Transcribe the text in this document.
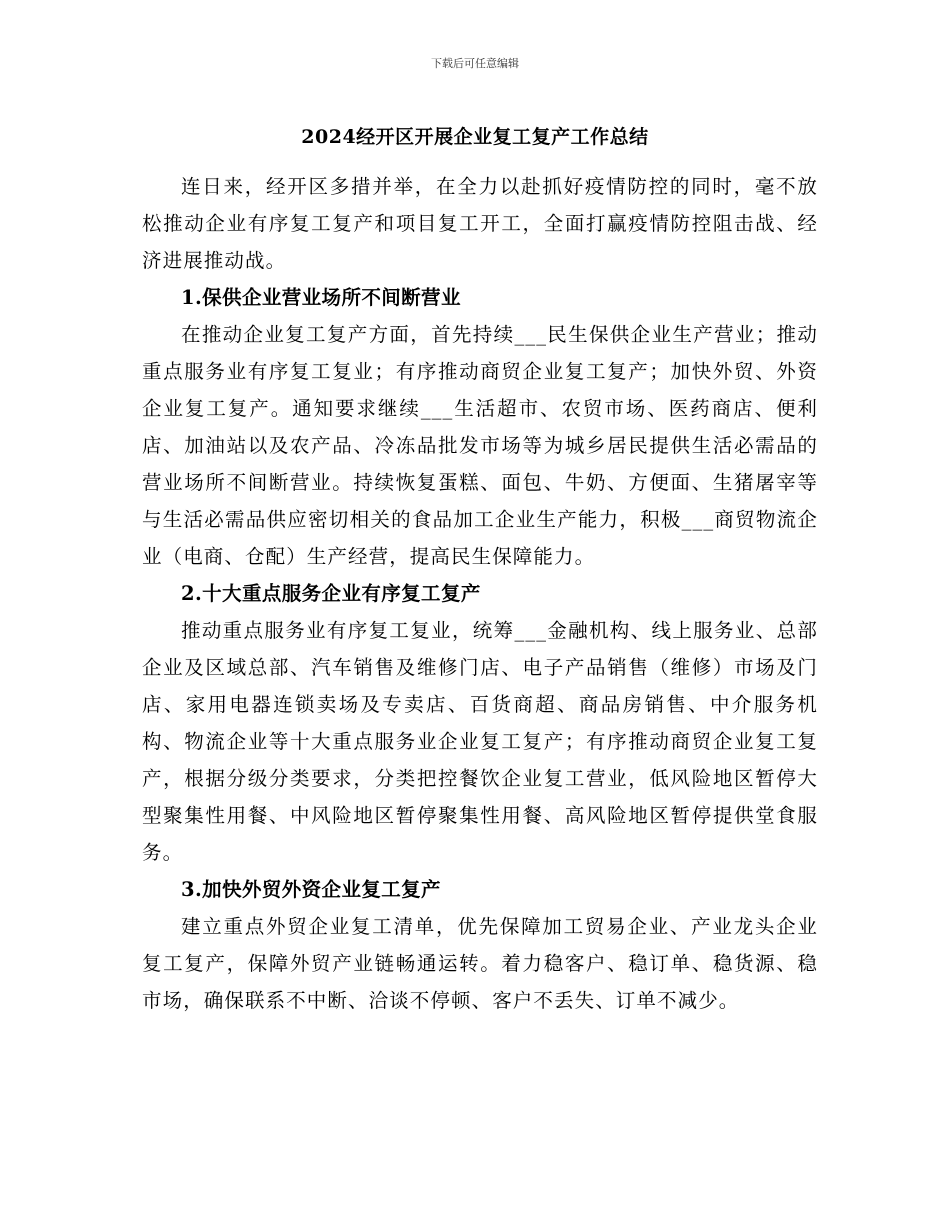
下载后可任意编辑
2024经开区开展企业复工复产工作总结

连日来，经开区多措并举，在全力以赴抓好疫情防控的同时，毫不放松推动企业有序复工复产和项目复工开工，全面打赢疫情防控阻击战、经济进展推动战。

1.保供企业营业场所不间断营业

在推动企业复工复产方面，首先持续___民生保供企业生产营业；推动重点服务业有序复工复业；有序推动商贸企业复工复产；加快外贸、外资企业复工复产。通知要求继续___生活超市、农贸市场、医药商店、便利店、加油站以及农产品、冷冻品批发市场等为城乡居民提供生活必需品的营业场所不间断营业。持续恢复蛋糕、面包、牛奶、方便面、生猪屠宰等与生活必需品供应密切相关的食品加工企业生产能力，积极___商贸物流企业（电商、仓配）生产经营，提高民生保障能力。

2.十大重点服务企业有序复工复产

推动重点服务业有序复工复业，统筹___金融机构、线上服务业、总部企业及区域总部、汽车销售及维修门店、电子产品销售（维修）市场及门店、家用电器连锁卖场及专卖店、百货商超、商品房销售、中介服务机构、物流企业等十大重点服务业企业复工复产；有序推动商贸企业复工复产，根据分级分类要求，分类把控餐饮企业复工营业，低风险地区暂停大型聚集性用餐、中风险地区暂停聚集性用餐、高风险地区暂停提供堂食服务。

3.加快外贸外资企业复工复产

建立重点外贸企业复工清单，优先保障加工贸易企业、产业龙头企业复工复产，保障外贸产业链畅通运转。着力稳客户、稳订单、稳货源、稳市场，确保联系不中断、洽谈不停顿、客户不丢失、订单不减少。
